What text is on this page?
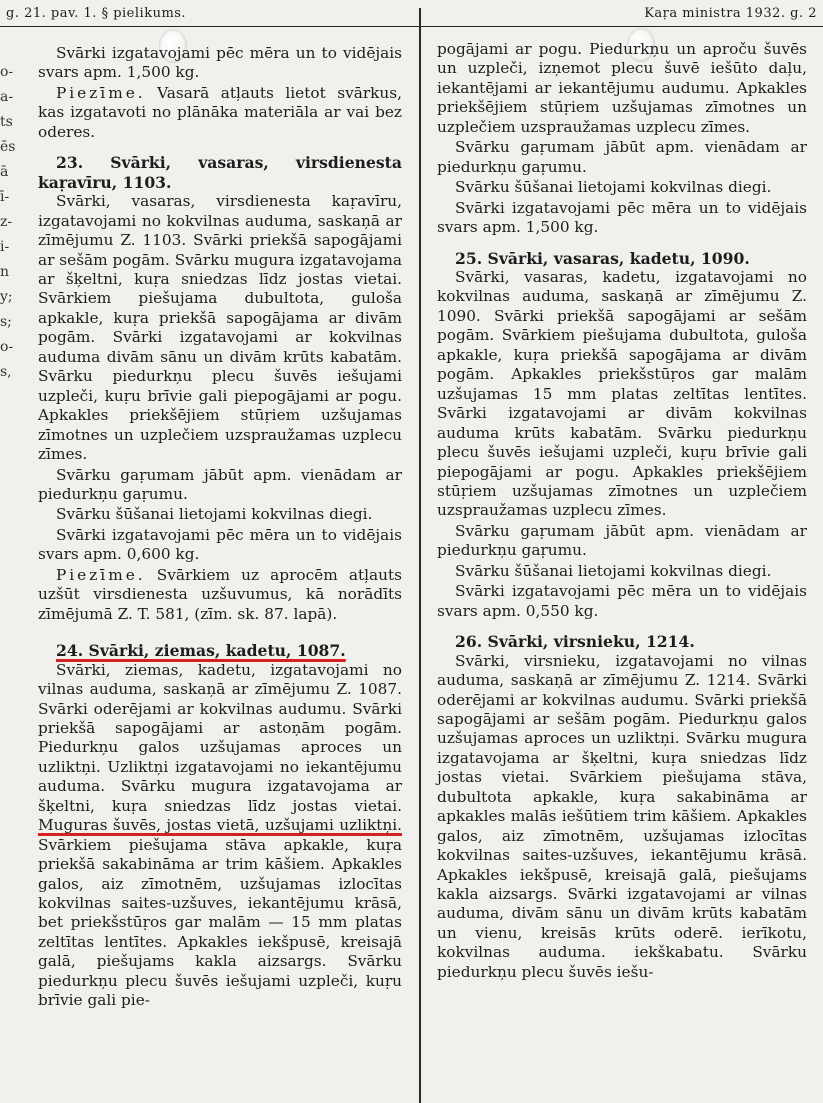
g. 21. pav. 1. § pielikums.	Kaṛa ministra 1932. g. 2
o-
a-
ts
ēs
ā
ī-
z-
i-
n
y;
s;
o-
s,

Svārki izgatavojami pēc mēra un to vidējais svars apm. 1,500 kg.

Piezīme. Vasarā atļauts lietot svārkus, kas izgatavoti no plānāka materiāla ar vai bez oderes.

23. Svārki, vasaras, virsdienesta kaṛavīru, 1103.

Svārki, vasaras, virsdienesta kaṛavīru, izgatavojami no kokvilnas auduma, saskaņā ar zīmējumu Z. 1103. Svārki priekšā sapogājami ar sešām pogām. Svārku mugura izgatavojama ar šķeltni, kuṛa sniedzas līdz jostas vietai. Svārkiem piešujama dubultota, guloša apkakle, kuṛa priekšā sapogājama ar divām pogām. Svārki izgatavojami ar kokvilnas auduma divām sānu un divām krūts kabatām. Svārku piedurkņu plecu šuvēs iešujami uzpleči, kuṛu brīvie gali piepogājami ar pogu. Apkakles priekšējiem stūṛiem uzšujamas zīmotnes un uzplečiem uzspraužamas uzplecu zīmes.

Svārku gaṛumam jābūt apm. vienādam ar piedurkņu gaṛumu.

Svārku šūšanai lietojami kokvilnas diegi.

Svārki izgatavojami pēc mēra un to vidējais svars apm. 0,600 kg.

Piezīme. Svārkiem uz aprocēm atļauts uzšūt virsdienesta uzšuvumus, kā norādīts zīmējumā Z. T. 581, (zīm. sk. 87. lapā).

24. Svārki, ziemas, kadetu, 1087.

Svārki, ziemas, kadetu, izgatavojami no vilnas auduma, saskaņā ar zīmējumu Z. 1087. Svārki oderējami ar kokvilnas audumu. Svārki priekšā sapogājami ar astoņām pogām. Piedurkņu galos uzšujamas aproces un uzliktņi. Uzliktņi izgatavojami no iekantējumu auduma. Svārku mugura izgatavojama ar šķeltni, kuṛa sniedzas līdz jostas vietai. Muguras šuvēs, jostas vietā, uzšujami uzliktņi. Svārkiem piešujama stāva apkakle, kuṛa priekšā sakabināma ar trim kāšiem. Apkakles galos, aiz zīmotnēm, uzšujamas izlocītas kokvilnas saites-uzšuves, iekantējumu krāsā, bet priekšstūṛos gar malām — 15 mm platas zeltītas lentītes. Apkakles iekšpusē, kreisajā galā, piešujams kakla aizsargs. Svārku piedurkņu plecu šuvēs iešujami uzpleči, kuṛu brīvie gali pie-

pogājami ar pogu. Piedurkņu un aproču šuvēs un uzpleči, izņemot plecu šuvē iešūto daļu, iekantējami ar iekantējumu audumu. Apkakles priekšējiem stūṛiem uzšujamas zīmotnes un uzplečiem uzspraužamas uzplecu zīmes.

Svārku gaṛumam jābūt apm. vienādam ar piedurkņu gaṛumu.

Svārku šūšanai lietojami kokvilnas diegi.

Svārki izgatavojami pēc mēra un to vidējais svars apm. 1,500 kg.

25. Svārki, vasaras, kadetu, 1090.

Svārki, vasaras, kadetu, izgatavojami no kokvilnas auduma, saskaņā ar zīmējumu Z. 1090. Svārki priekšā sapogājami ar sešām pogām. Svārkiem piešujama dubultota, guloša apkakle, kuṛa priekšā sapogājama ar divām pogām. Apkakles priekšstūṛos gar malām uzšujamas 15 mm platas zeltītas lentītes. Svārki izgatavojami ar divām kokvilnas auduma krūts kabatām. Svārku piedurkņu plecu šuvēs iešujami uzpleči, kuṛu brīvie gali piepogājami ar pogu. Apkakles priekšējiem stūṛiem uzšujamas zīmotnes un uzplečiem uzspraužamas uzplecu zīmes.

Svārku gaṛumam jābūt apm. vienādam ar piedurkņu gaṛumu.

Svārku šūšanai lietojami kokvilnas diegi.

Svārki izgatavojami pēc mēra un to vidējais svars apm. 0,550 kg.

26. Svārki, virsnieku, 1214.

Svārki, virsnieku, izgatavojami no vilnas auduma, saskaņā ar zīmējumu Z. 1214. Svārki oderējami ar kokvilnas audumu. Svārki priekšā sapogājami ar sešām pogām. Piedurkņu galos uzšujamas aproces un uzliktņi. Svārku mugura izgatavojama ar šķeltni, kuṛa sniedzas līdz jostas vietai. Svārkiem piešujama stāva, dubultota apkakle, kuṛa sakabināma ar apkakles malās iešūtiem trim kāšiem. Apkakles galos, aiz zīmotnēm, uzšujamas izlocītas kokvilnas saites-uzšuves, iekantējumu krāsā. Apkakles iekšpusē, kreisajā galā, piešujams kakla aizsargs. Svārki izgatavojami ar vilnas auduma, divām sānu un divām krūts kabatām un vienu, kreisās krūts oderē. ierīkotu, kokvilnas auduma. iekškabatu. Svārku piedurkņu plecu šuvēs iešu-
